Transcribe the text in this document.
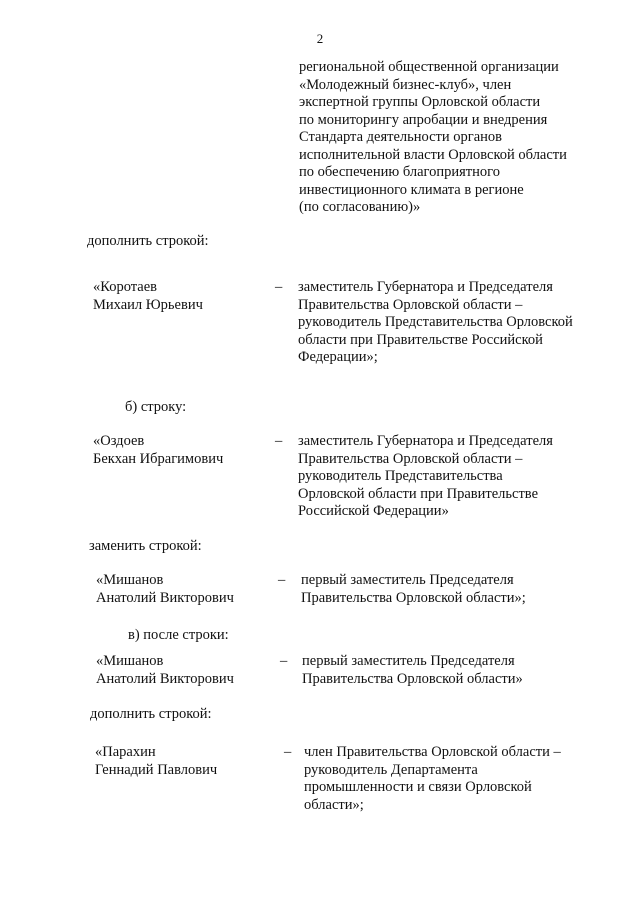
2
региональной общественной организации
«Молодежный бизнес-клуб», член
экспертной группы Орловской области
по мониторингу апробации и внедрения
Стандарта деятельности органов
исполнительной власти Орловской области
по обеспечению благоприятного
инвестиционного климата в регионе
(по согласованию)»
дополнить строкой:
«Коротаев
Михаил Юрьевич
– заместитель Губернатора и Председателя
Правительства Орловской области –
руководитель Представительства Орловской
области при Правительстве Российской
Федерации»;
б) строку:
«Оздоев
Бекхан Ибрагимович
– заместитель Губернатора и Председателя
Правительства Орловской области –
руководитель Представительства
Орловской области при Правительстве
Российской Федерации»
заменить строкой:
«Мишанов
Анатолий Викторович
– первый заместитель Председателя
Правительства Орловской области»;
в) после строки:
«Мишанов
Анатолий Викторович
– первый заместитель Председателя
Правительства Орловской области»
дополнить строкой:
«Парахин
Геннадий Павлович
– член Правительства Орловской области –
руководитель Департамента
промышленности и связи Орловской
области»;
